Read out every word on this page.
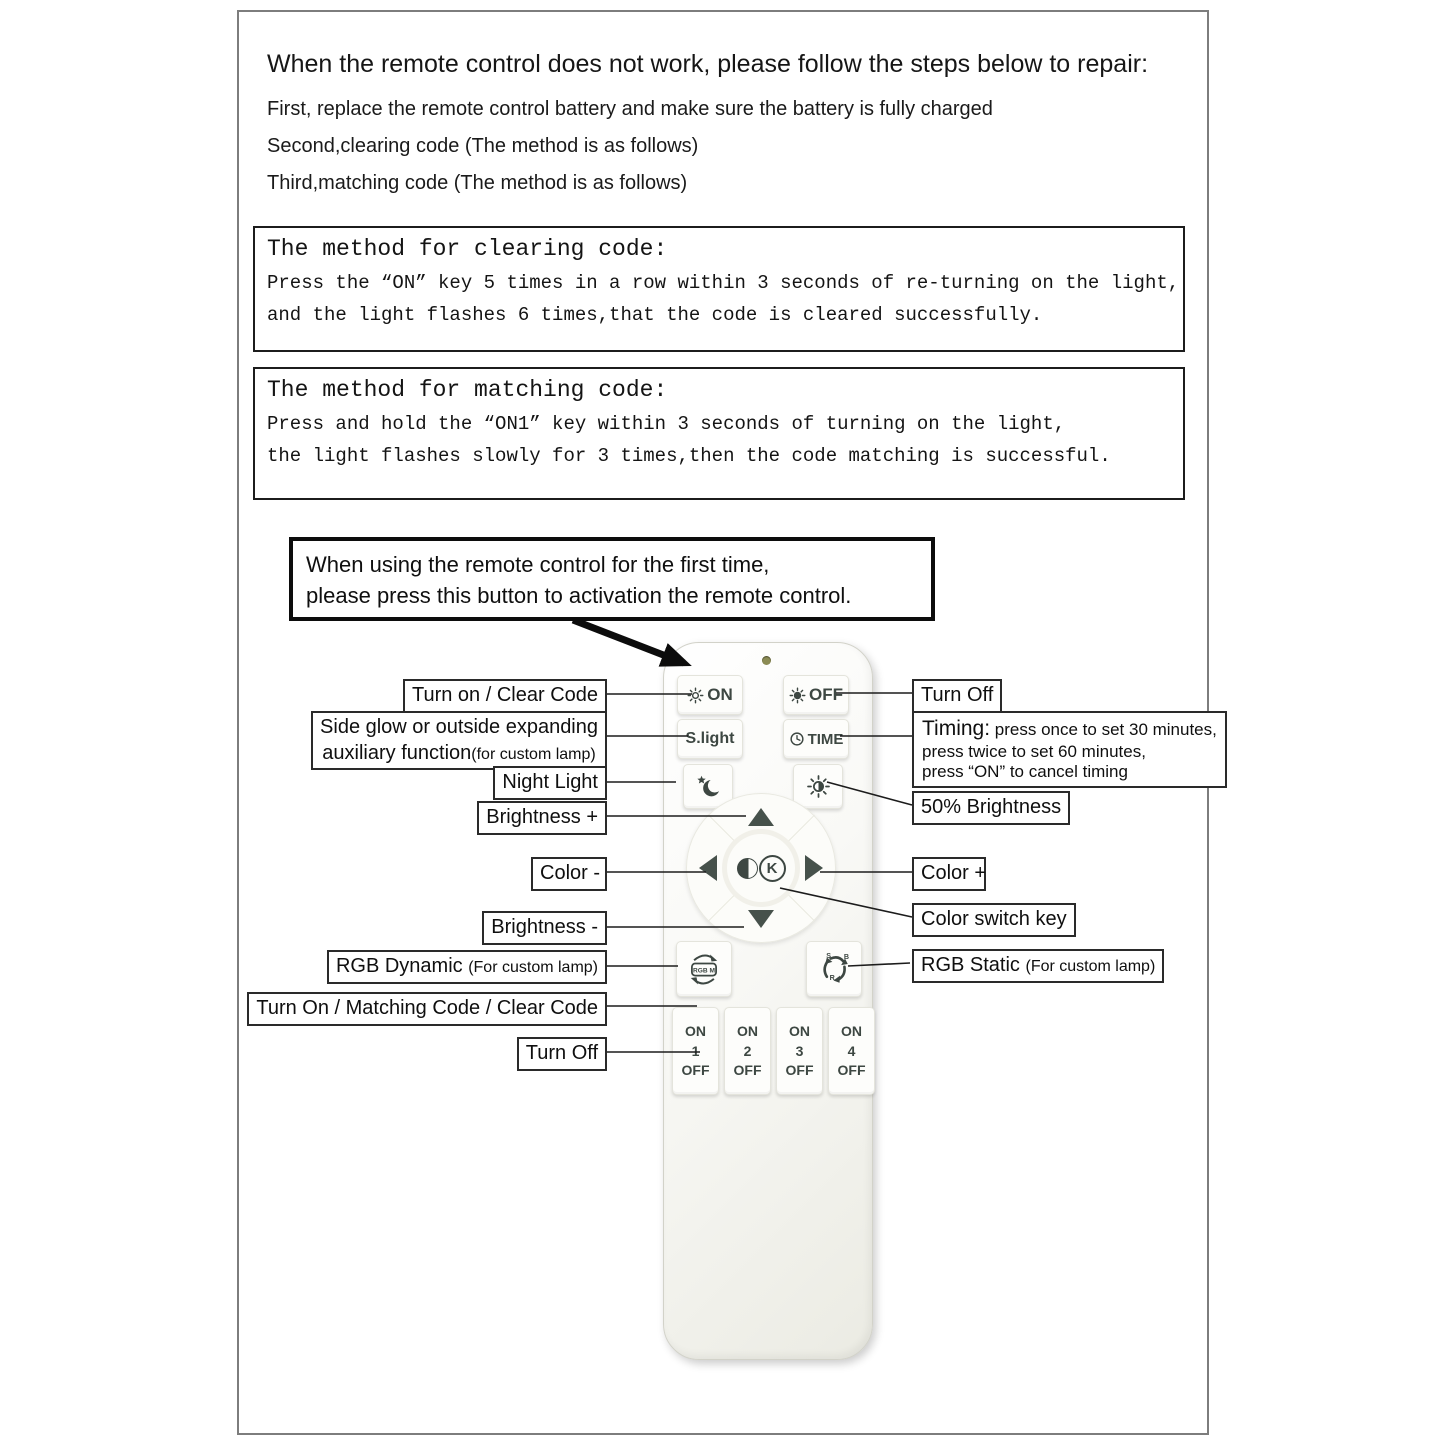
When the remote control does not work, please follow the steps below to repair:
First, replace the remote control battery and make sure the battery is fully charged
Second,clearing code (The method is as follows)
Third,matching code (The method is as follows)

The method for clearing code:

Press the “ON” key 5 times in a row within 3 seconds of re-turning on the light,

and the light flashes 6 times,that the code is cleared successfully.

The method for matching code:

Press and hold the “ON1” key within 3 seconds of turning on the light,

the light flashes slowly for 3 times,then the code matching is successful.

When using the remote control for the first time,
please press this button to activation the remote control.
ON	OFF
S.light	TIME
K
RGB M
S B
R
ON
1
OFF
ON
2
OFF
ON
3
OFF
ON
4
OFF
Turn on / Clear Code
Side glow or outside expanding
auxiliary function(for custom lamp)
Night Light
Brightness +
Color -
Brightness -
RGB Dynamic (For custom lamp)
Turn On / Matching Code / Clear Code
Turn Off
Turn Off
Timing: press once to set 30 minutes,
press twice to set 60 minutes,
press “ON” to cancel timing
50% Brightness
Color +
Color switch key
RGB Static (For custom lamp)
